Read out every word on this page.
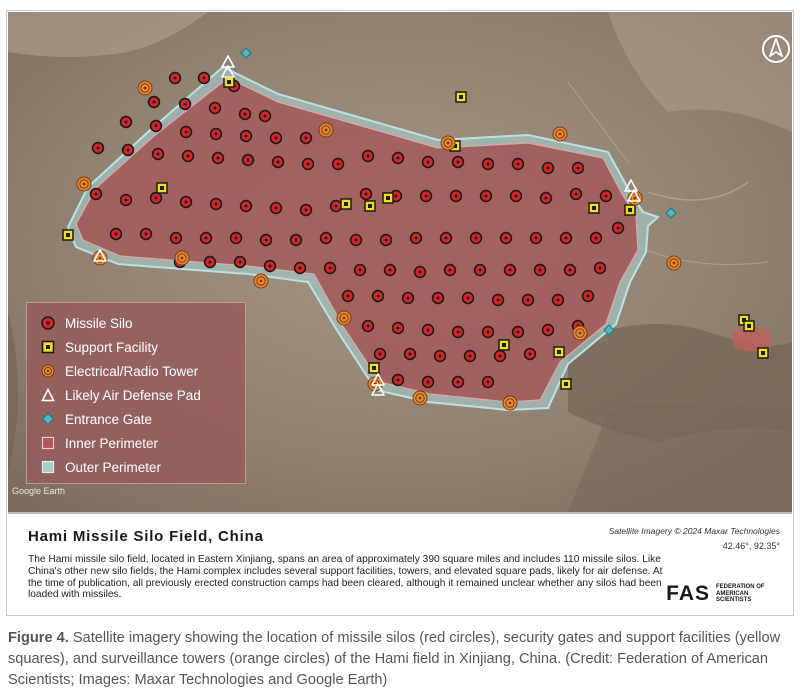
Google Earth
Missile Silo
Support Facility
Electrical/Radio Tower
Likely Air Defense Pad
Entrance Gate
Inner Perimeter
Outer Perimeter
Hami Missile Silo Field, China	Satellite Imagery © 2024 Maxar Technologies
42.46°, 92.35°
The Hami missile silo field, located in Eastern Xinjiang, spans an area of approximately 390 square miles and includes 110 missile silos. Like China's other new silo fields, the Hami complex includes several support facilities, towers, and elevated square pads, likely for air defense. At the time of publication, all previously erected construction camps had been cleared, although it remained unclear whether any silos had been loaded with missiles.	FAS FEDERATION OF AMERICAN SCIENTISTS
Figure 4. Satellite imagery showing the location of missile silos (red circles), security gates and support facilities (yellow squares), and surveillance towers (orange circles) of the Hami field in Xinjiang, China. (Credit: Federation of American Scientists; Images: Maxar Technologies and Google Earth)
